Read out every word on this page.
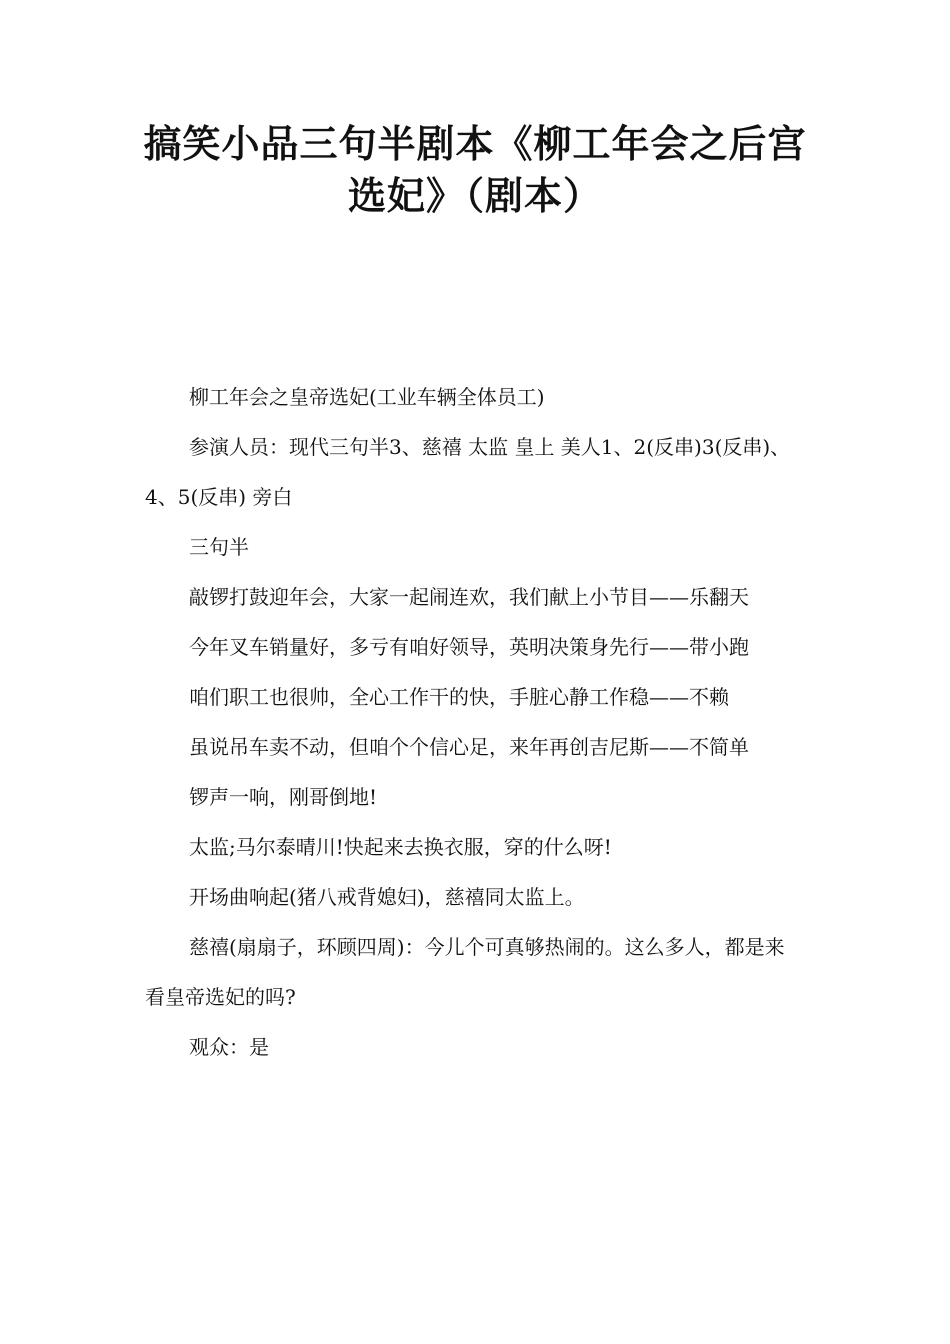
搞笑小品三句半剧本《柳工年会之后宫
选妃》（剧本）

柳工年会之皇帝选妃(工业车辆全体员工)

参演人员：现代三句半3、慈禧 太监 皇上 美人1、2(反串)3(反串)、4、5(反串) 旁白

三句半

敲锣打鼓迎年会，大家一起闹连欢，我们献上小节目——乐翻天

今年叉车销量好，多亏有咱好领导，英明决策身先行——带小跑

咱们职工也很帅，全心工作干的快，手脏心静工作稳——不赖

虽说吊车卖不动，但咱个个信心足，来年再创吉尼斯——不简单

锣声一响，刚哥倒地!

太监;马尔泰晴川!快起来去换衣服，穿的什么呀!

开场曲响起(猪八戒背媳妇)，慈禧同太监上。

慈禧(扇扇子，环顾四周)：今儿个可真够热闹的。这么多人，都是来看皇帝选妃的吗?

观众：是
